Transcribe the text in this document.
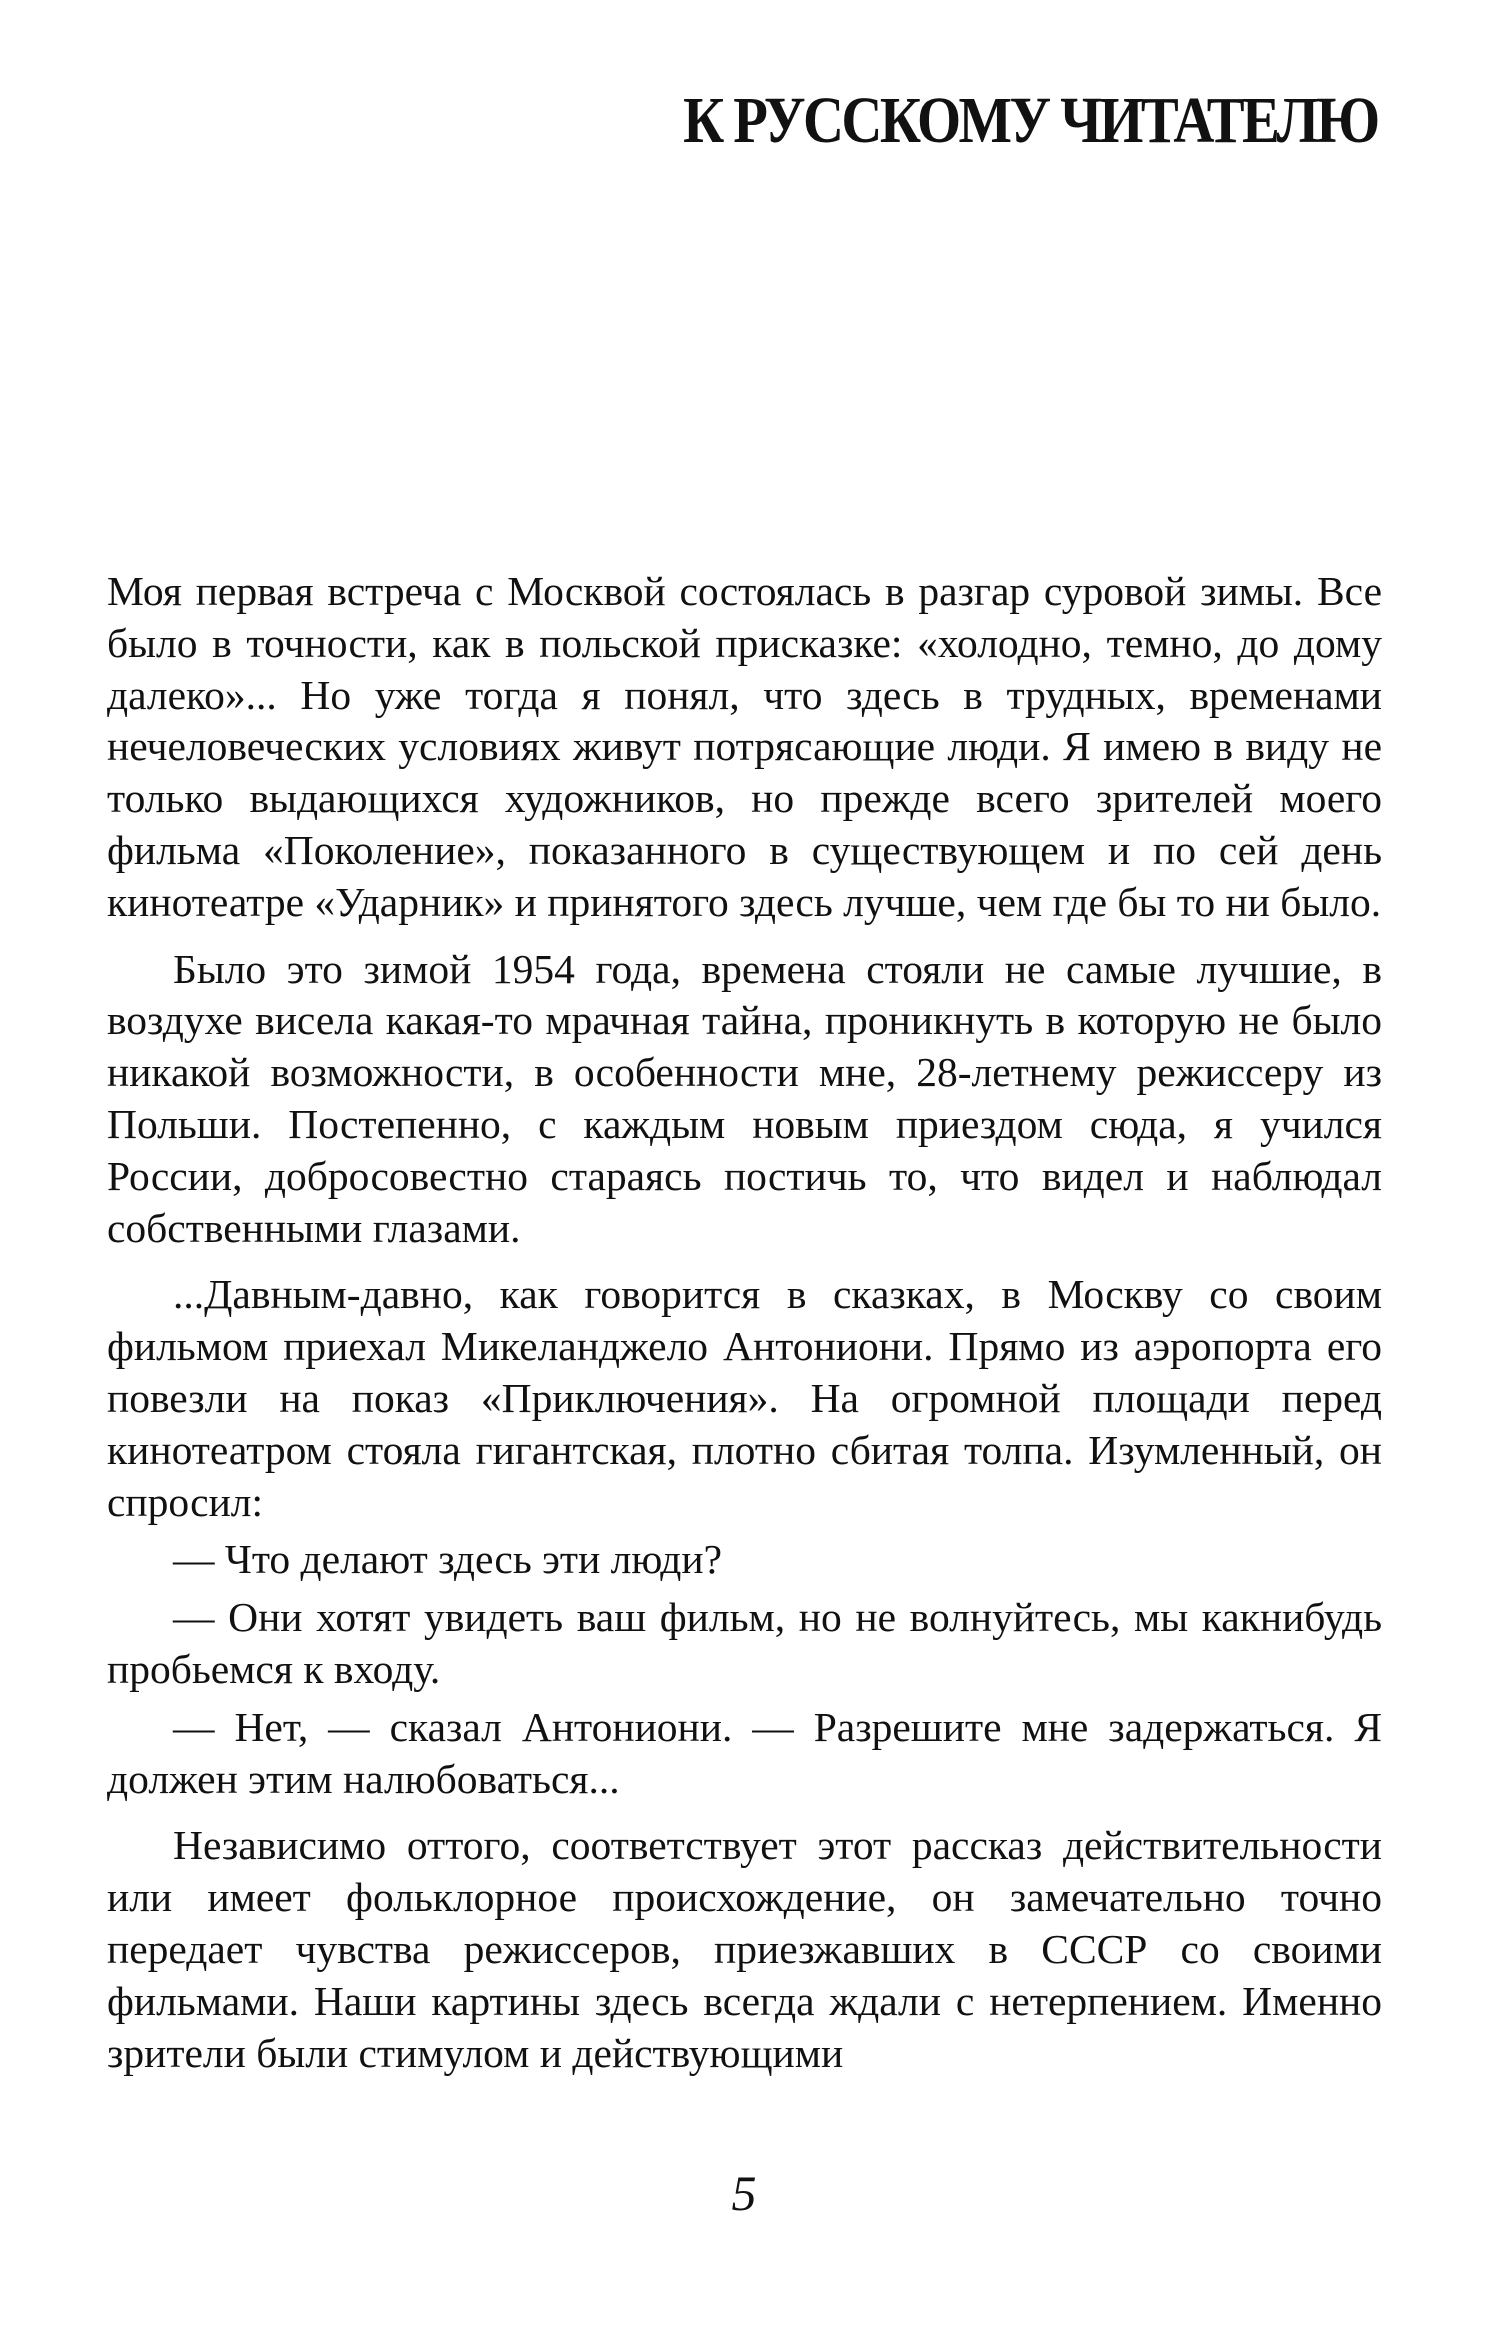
К РУССКОМУ ЧИТАТЕЛЮ

Моя первая встреча с Москвой состоялась в разгар суровой зимы. Все было в точности, как в польской присказке: «холодно, темно, до дому далеко»... Но уже тогда я понял, что здесь в трудных, временами нечеловеческих условиях живут потрясающие люди. Я имею в виду не только выдающихся художников, но прежде всего зрителей моего фильма «Поколение», показанного в существующем и по сей день кинотеатре «Ударник» и принятого здесь лучше, чем где бы то ни было.

Было это зимой 1954 года, времена стояли не самые лучшие, в воздухе висела какая-то мрачная тайна, проникнуть в которую не было никакой возможности, в особенности мне, 28-летнему режиссеру из Польши. Постепенно, с каждым новым приездом сюда, я учился России, добросовестно стараясь постичь то, что видел и наблюдал собственными глазами.

...Давным-давно, как говорится в сказках, в Москву со своим фильмом приехал Микеланджело Антониони. Прямо из аэропорта его повезли на показ «Приключения». На огромной площади перед кинотеатром стояла гигантская, плотно сбитая толпа. Изумленный, он спросил:

— Что делают здесь эти люди?

— Они хотят увидеть ваш фильм, но не волнуйтесь, мы какнибудь пробьемся к входу.

— Нет, — сказал Антониони. — Разрешите мне задержаться. Я должен этим налюбоваться...

Независимо оттого, соответствует этот рассказ действительности или имеет фольклорное происхождение, он замечательно точно передает чувства режиссеров, приезжавших в СССР со своими фильмами. Наши картины здесь всегда ждали с нетерпением. Именно зрители были стимулом и действующими

5
